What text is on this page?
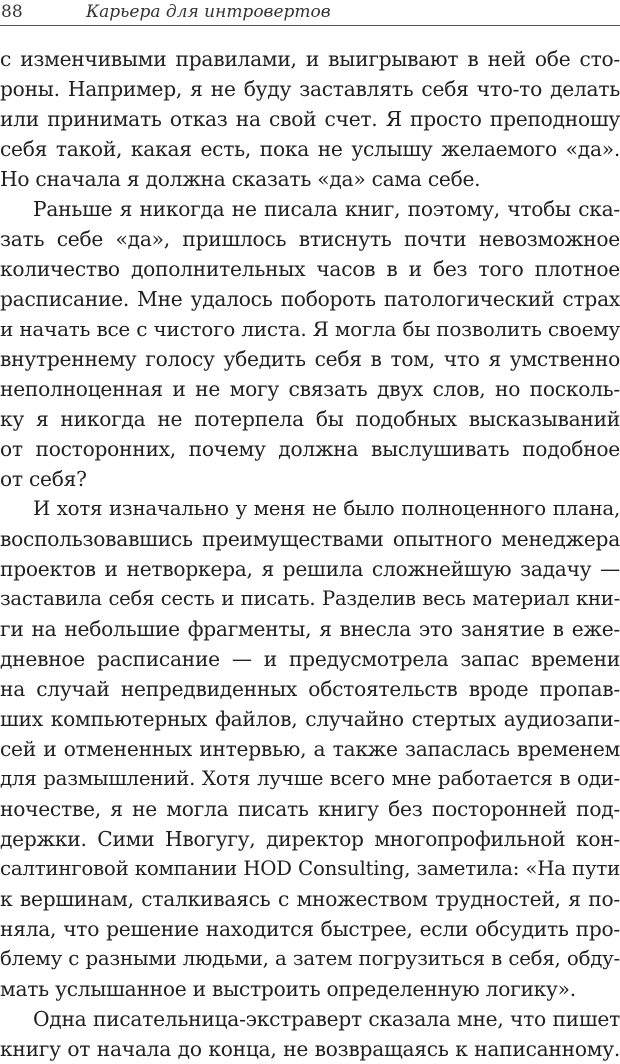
88	Карьера для интровертов
с изменчивыми правилами, и выигрывают в ней обе сто-
роны. Например, я не буду заставлять себя что-то делать
или принимать отказ на свой счет. Я просто преподношу
себя такой, какая есть, пока не услышу желаемого «да».
Но сначала я должна сказать «да» сама себе.
Раньше я никогда не писала книг, поэтому, чтобы ска-
зать себе «да», пришлось втиснуть почти невозможное
количество дополнительных часов в и без того плотное
расписание. Мне удалось побороть патологический страх
и начать все с чистого листа. Я могла бы позволить своему
внутреннему голосу убедить себя в том, что я умственно
неполноценная и не могу связать двух слов, но посколь-
ку я никогда не потерпела бы подобных высказываний
от посторонних, почему должна выслушивать подобное
от себя?
И хотя изначально у меня не было полноценного плана,
воспользовавшись преимуществами опытного менеджера
проектов и нетворкера, я решила сложнейшую задачу —
заставила себя сесть и писать. Разделив весь материал кни-
ги на небольшие фрагменты, я внесла это занятие в еже-
дневное расписание — и предусмотрела запас времени
на случай непредвиденных обстоятельств вроде пропав-
ших компьютерных файлов, случайно стертых аудиозапи-
сей и отмененных интервью, а также запаслась временем
для размышлений. Хотя лучше всего мне работается в оди-
ночестве, я не могла писать книгу без посторонней под-
держки. Сими Нвогугу, директор многопрофильной кон-
салтинговой компании HOD Consulting, заметила: «На пути
к вершинам, сталкиваясь с множеством трудностей, я по-
няла, что решение находится быстрее, если обсудить про-
блему с разными людьми, а затем погрузиться в себя, обду-
мать услышанное и выстроить определенную логику».
Одна писательница-экстраверт сказала мне, что пишет
книгу от начала до конца, не возвращаясь к написанному.
